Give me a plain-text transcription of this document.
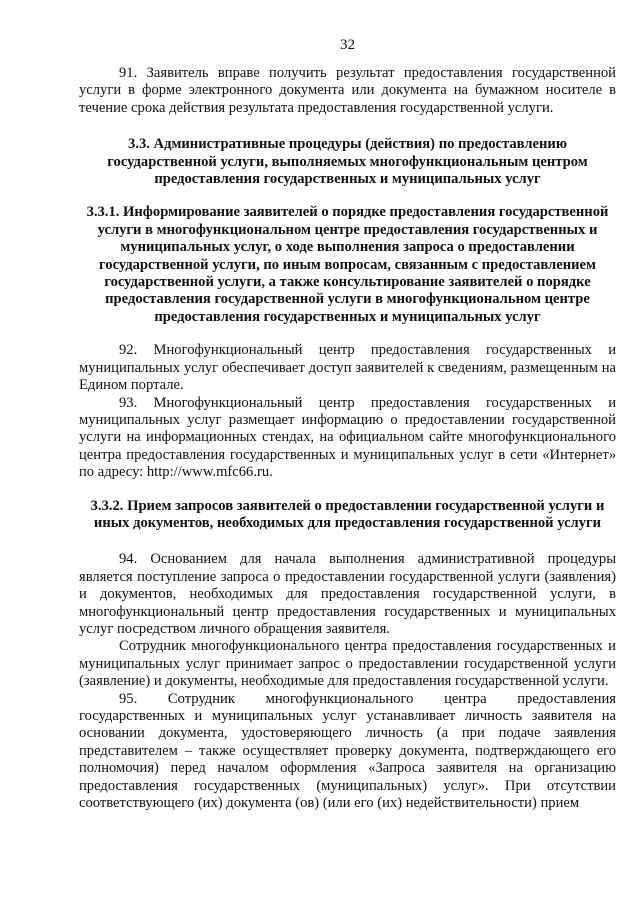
32

91. Заявитель вправе получить результат предоставления государственной услуги в форме электронного документа или документа на бумажном носителе в течение срока действия результата предоставления государственной услуги.

3.3. Административные процедуры (действия) по предоставлению государственной услуги, выполняемых многофункциональным центром предоставления государственных и муниципальных услуг
3.3.1. Информирование заявителей о порядке предоставления государственной услуги в многофункциональном центре предоставления государственных и муниципальных услуг, о ходе выполнения запроса о предоставлении государственной услуги, по иным вопросам, связанным с предоставлением государственной услуги, а также консультирование заявителей о порядке предоставления государственной услуги в многофункциональном центре предоставления государственных и муниципальных услуг

92. Многофункциональный центр предоставления государственных и муниципальных услуг обеспечивает доступ заявителей к сведениям, размещенным на Едином портале.

93. Многофункциональный центр предоставления государственных и муниципальных услуг размещает информацию о предоставлении государственной услуги на информационных стендах, на официальном сайте многофункционального центра предоставления государственных и муниципальных услуг в сети «Интернет» по адресу: http://www.mfc66.ru.

3.3.2. Прием запросов заявителей о предоставлении государственной услуги и иных документов, необходимых для предоставления государственной услуги

94. Основанием для начала выполнения административной процедуры является поступление запроса о предоставлении государственной услуги (заявления) и документов, необходимых для предоставления государственной услуги, в многофункциональный центр предоставления государственных и муниципальных услуг посредством личного обращения заявителя.

Сотрудник многофункционального центра предоставления государственных и муниципальных услуг принимает запрос о предоставлении государственной услуги (заявление) и документы, необходимые для предоставления государственной услуги.

95. Сотрудник многофункционального центра предоставления государственных и муниципальных услуг устанавливает личность заявителя на основании документа, удостоверяющего личность (а при подаче заявления представителем – также осуществляет проверку документа, подтверждающего его полномочия) перед началом оформления «Запроса заявителя на организацию предоставления государственных (муниципальных) услуг». При отсутствии соответствующего (их) документа (ов) (или его (их) недействительности) прием
